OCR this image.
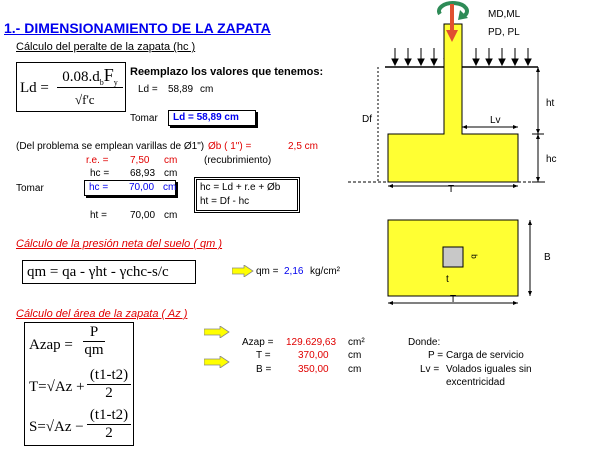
1.- DIMENSIONAMIENTO DE LA ZAPATA
Cálculo del peralte de la zapata (hc )
Ld =
$0.08.d_bF_y$
√f'c
Reemplazo los valores que tenemos:
Ld = 58,89 cm
Tomar	Ld = 58,89 cm
(Del problema se emplean varillas de Ø1") Øb ( 1") =	2,5 cm
r.e. = 7,50 cm	(recubrimiento)
hc = 68,93 cm
Tomar	hc = 70,00 cm hc = Ld + r.e + Øb
ht = Df - hc
ht = 70,00 cm
Cálculo de la presión neta del suelo ( qm )
qm = qa - γht - γchc-s/c	qm = 2,16 kg/cm²
Cálculo del área de la zapata ( Az )
Azap =
P
qm
T=√Az +
(t1-t2)
2
S=√Az −
(t1-t2)
2
Azap = 129.629,63 cm²
T =	370,00 cm
B =	350,00 cm
Donde:
P = Carga de servicio
Lv = Volados iguales sin
excentricidad
MD,ML
PD, PL
Df
ht
hc
Lv
T
B
T
t
b
